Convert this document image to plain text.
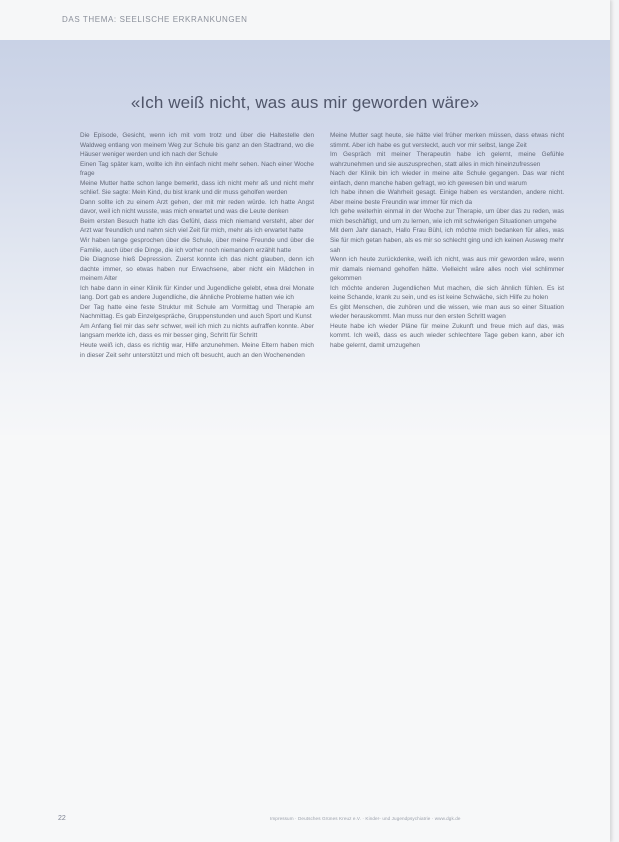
DAS THEMA: SEELISCHE ERKRANKUNGEN
«Ich weiß nicht, was aus mir geworden wäre»

Die Episode, Gesicht, wenn ich mit vom trotz und über die Haltestelle den Waldweg entlang von meinem Weg zur Schule bis ganz an den Stadtrand, wo die Häuser weniger werden und ich nach der Schule

Einen Tag später kam, wollte ich ihn einfach nicht mehr sehen. Nach einer Woche frage

Meine Mutter hatte schon lange bemerkt, dass ich nicht mehr aß und nicht mehr schlief. Sie sagte: Mein Kind, du bist krank und dir muss geholfen werden

Dann sollte ich zu einem Arzt gehen, der mit mir reden würde. Ich hatte Angst davor, weil ich nicht wusste, was mich erwartet und was die Leute denken

Beim ersten Besuch hatte ich das Gefühl, dass mich niemand versteht, aber der Arzt war freundlich und nahm sich viel Zeit für mich, mehr als ich erwartet hatte

Wir haben lange gesprochen über die Schule, über meine Freunde und über die Familie, auch über die Dinge, die ich vorher noch niemandem erzählt hatte

Die Diagnose hieß Depression. Zuerst konnte ich das nicht glauben, denn ich dachte immer, so etwas haben nur Erwachsene, aber nicht ein Mädchen in meinem Alter

Ich habe dann in einer Klinik für Kinder und Jugendliche gelebt, etwa drei Monate lang. Dort gab es andere Jugendliche, die ähnliche Probleme hatten wie ich

Der Tag hatte eine feste Struktur mit Schule am Vormittag und Therapie am Nachmittag. Es gab Einzelgespräche, Gruppenstunden und auch Sport und Kunst

Am Anfang fiel mir das sehr schwer, weil ich mich zu nichts aufraffen konnte. Aber langsam merkte ich, dass es mir besser ging, Schritt für Schritt

Heute weiß ich, dass es richtig war, Hilfe anzunehmen. Meine Eltern haben mich in dieser Zeit sehr unterstützt und mich oft besucht, auch an den Wochenenden

Meine Mutter sagt heute, sie hätte viel früher merken müssen, dass etwas nicht stimmt. Aber ich habe es gut versteckt, auch vor mir selbst, lange Zeit

Im Gespräch mit meiner Therapeutin habe ich gelernt, meine Gefühle wahrzunehmen und sie auszusprechen, statt alles in mich hineinzufressen

Nach der Klinik bin ich wieder in meine alte Schule gegangen. Das war nicht einfach, denn manche haben gefragt, wo ich gewesen bin und warum

Ich habe ihnen die Wahrheit gesagt. Einige haben es verstanden, andere nicht. Aber meine beste Freundin war immer für mich da

Ich gehe weiterhin einmal in der Woche zur Therapie, um über das zu reden, was mich beschäftigt, und um zu lernen, wie ich mit schwierigen Situationen umgehe

Mit dem Jahr danach, Hallo Frau Bühl, ich möchte mich bedanken für alles, was Sie für mich getan haben, als es mir so schlecht ging und ich keinen Ausweg mehr sah

Wenn ich heute zurückdenke, weiß ich nicht, was aus mir geworden wäre, wenn mir damals niemand geholfen hätte. Vielleicht wäre alles noch viel schlimmer gekommen

Ich möchte anderen Jugendlichen Mut machen, die sich ähnlich fühlen. Es ist keine Schande, krank zu sein, und es ist keine Schwäche, sich Hilfe zu holen

Es gibt Menschen, die zuhören und die wissen, wie man aus so einer Situation wieder herauskommt. Man muss nur den ersten Schritt wagen

Heute habe ich wieder Pläne für meine Zukunft und freue mich auf das, was kommt. Ich weiß, dass es auch wieder schlechtere Tage geben kann, aber ich habe gelernt, damit umzugehen

22	Impressum · Deutsches Grünes Kreuz e.V. · Kinder- und Jugendpsychiatrie · www.dgk.de
